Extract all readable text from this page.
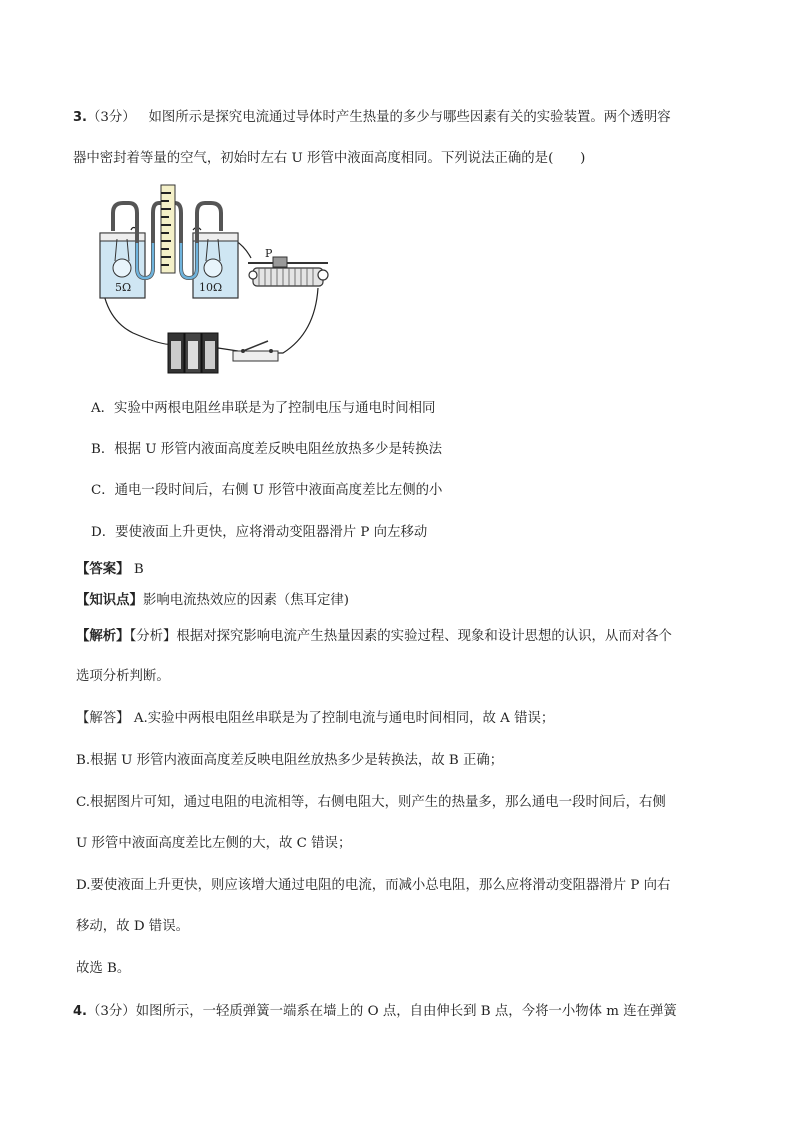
3.（3分） 如图所示是探究电流通过导体时产生热量的多少与哪些因素有关的实验装置。两个透明容
器中密封着等量的空气，初始时左右 U 形管中液面高度相同。下列说法正确的是(　　)
5Ω	10Ω
P
A．实验中两根电阻丝串联是为了控制电压与通电时间相同
B．根据 U 形管内液面高度差反映电阻丝放热多少是转换法
C．通电一段时间后，右侧 U 形管中液面高度差比左侧的小
D．要使液面上升更快，应将滑动变阻器滑片 P 向左移动
【答案】 B
【知识点】影响电流热效应的因素（焦耳定律)
【解析】【分析】根据对探究影响电流产生热量因素的实验过程、现象和设计思想的认识，从而对各个
选项分析判断。
【解答】 A.实验中两根电阻丝串联是为了控制电流与通电时间相同，故 A 错误；
B.根据 U 形管内液面高度差反映电阻丝放热多少是转换法，故 B 正确；
C.根据图片可知，通过电阻的电流相等，右侧电阻大，则产生的热量多，那么通电一段时间后，右侧
U 形管中液面高度差比左侧的大，故 C 错误；
D.要使液面上升更快，则应该增大通过电阻的电流，而减小总电阻，那么应将滑动变阻器滑片 P 向右
移动，故 D 错误。
故选 B。
4.（3分）如图所示，一轻质弹簧一端系在墙上的 O 点，自由伸长到 B 点，今将一小物体 m 连在弹簧
